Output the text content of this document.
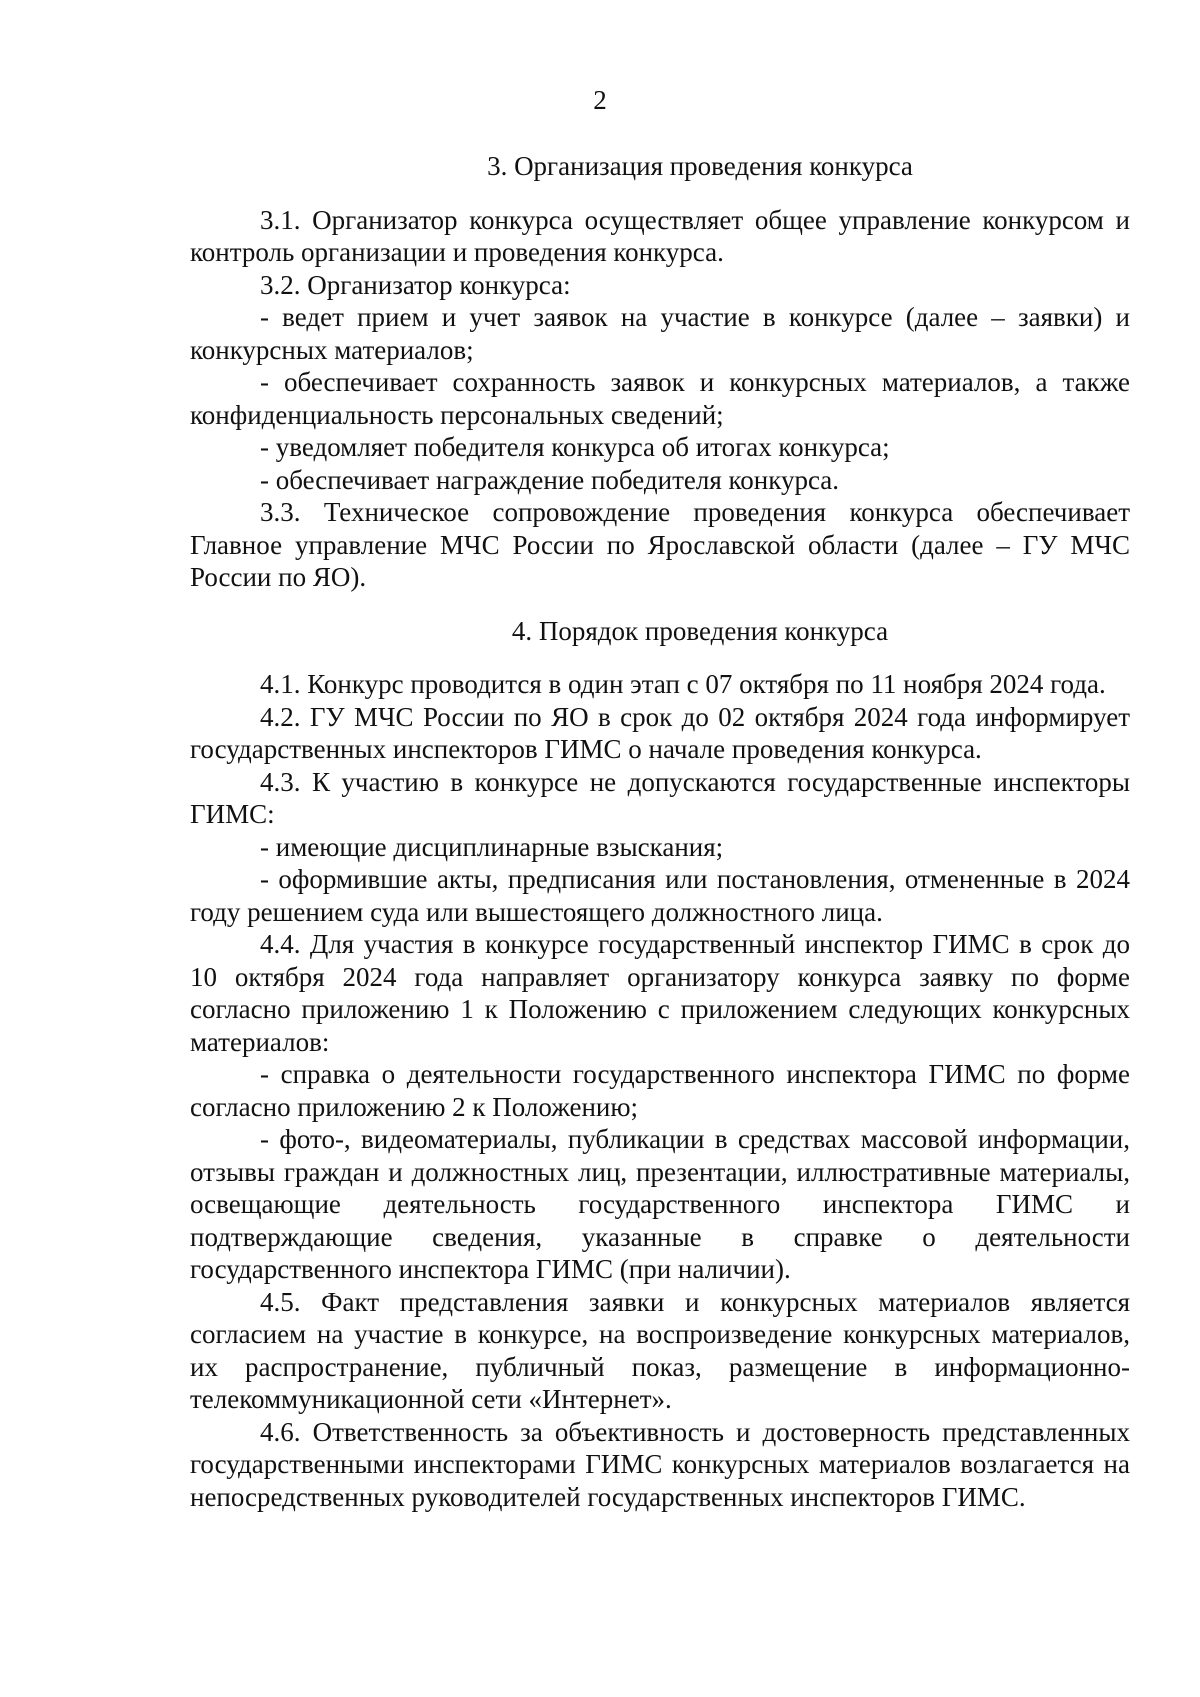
2
3. Организация проведения конкурса

3.1. Организатор конкурса осуществляет общее управление конкурсом и контроль организации и проведения конкурса.

3.2. Организатор конкурса:

- ведет прием и учет заявок на участие в конкурсе (далее – заявки) и конкурсных материалов;

- обеспечивает сохранность заявок и конкурсных материалов, а также конфиденциальность персональных сведений;

- уведомляет победителя конкурса об итогах конкурса;

- обеспечивает награждение победителя конкурса.

3.3. Техническое сопровождение проведения конкурса обеспечивает Главное управление МЧС России по Ярославской области (далее – ГУ МЧС России по ЯО).

4. Порядок проведения конкурса

4.1. Конкурс проводится в один этап с 07 октября по 11 ноября 2024 года.

4.2. ГУ МЧС России по ЯО в срок до 02 октября 2024 года информирует государственных инспекторов ГИМС о начале проведения конкурса.

4.3. К участию в конкурсе не допускаются государственные инспекторы ГИМС:

- имеющие дисциплинарные взыскания;

- оформившие акты, предписания или постановления, отмененные в 2024 году решением суда или вышестоящего должностного лица.

4.4. Для участия в конкурсе государственный инспектор ГИМС в срок до 10 октября 2024 года направляет организатору конкурса заявку по форме согласно приложению 1 к Положению с приложением следующих конкурсных материалов:

- справка о деятельности государственного инспектора ГИМС по форме согласно приложению 2 к Положению;

- фото-, видеоматериалы, публикации в средствах массовой информации, отзывы граждан и должностных лиц, презентации, иллюстративные материалы, освещающие деятельность государственного инспектора ГИМС и подтверждающие сведения, указанные в справке о деятельности государственного инспектора ГИМС (при наличии).

4.5. Факт представления заявки и конкурсных материалов является согласием на участие в конкурсе, на воспроизведение конкурсных материалов, их распространение, публичный показ, размещение в информационно-телекоммуникационной сети «Интернет».

4.6. Ответственность за объективность и достоверность представленных государственными инспекторами ГИМС конкурсных материалов возлагается на непосредственных руководителей государственных инспекторов ГИМС.
